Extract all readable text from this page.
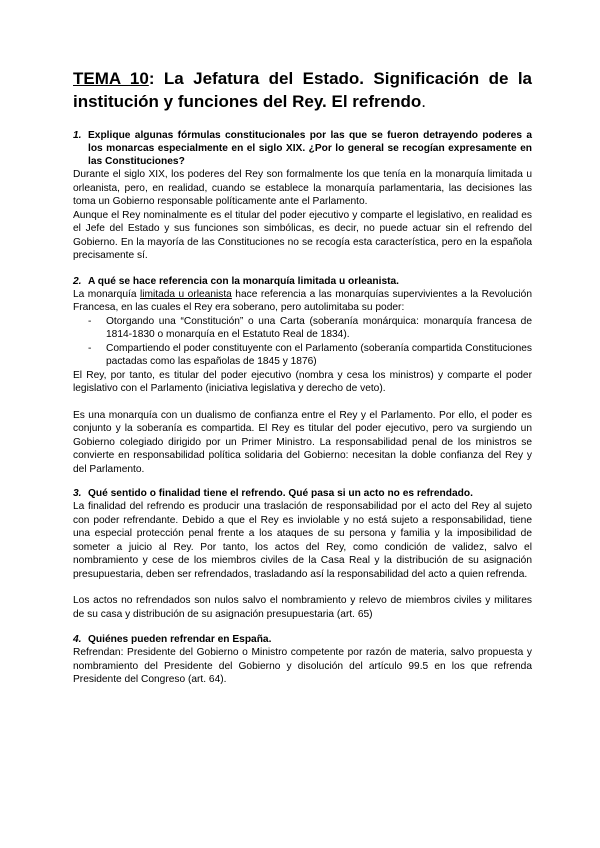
TEMA 10: La Jefatura del Estado. Significación de la institución y funciones del Rey. El refrendo.
1. Explique algunas fórmulas constitucionales por las que se fueron detrayendo poderes a los monarcas especialmente en el siglo XIX. ¿Por lo general se recogían expresamente en las Constituciones?

Durante el siglo XIX, los poderes del Rey son formalmente los que tenía en la monarquía limitada u orleanista, pero, en realidad, cuando se establece la monarquía parlamentaria, las decisiones las toma un Gobierno responsable políticamente ante el Parlamento.

Aunque el Rey nominalmente es el titular del poder ejecutivo y comparte el legislativo, en realidad es el Jefe del Estado y sus funciones son simbólicas, es decir, no puede actuar sin el refrendo del Gobierno. En la mayoría de las Constituciones no se recogía esta característica, pero en la española precisamente sí.

2. A qué se hace referencia con la monarquía limitada u orleanista.

La monarquía limitada u orleanista hace referencia a las monarquías supervivientes a la Revolución Francesa, en las cuales el Rey era soberano, pero autolimitaba su poder:

- Otorgando una “Constitución” o una Carta (soberanía monárquica: monarquía francesa de 1814-1830 o monarquía en el Estatuto Real de 1834).
- Compartiendo el poder constituyente con el Parlamento (soberanía compartida Constituciones pactadas como las españolas de 1845 y 1876)

El Rey, por tanto, es titular del poder ejecutivo (nombra y cesa los ministros) y comparte el poder legislativo con el Parlamento (iniciativa legislativa y derecho de veto).

Es una monarquía con un dualismo de confianza entre el Rey y el Parlamento. Por ello, el poder es conjunto y la soberanía es compartida. El Rey es titular del poder ejecutivo, pero va surgiendo un Gobierno colegiado dirigido por un Primer Ministro. La responsabilidad penal de los ministros se convierte en responsabilidad política solidaria del Gobierno: necesitan la doble confianza del Rey y del Parlamento.

3. Qué sentido o finalidad tiene el refrendo. Qué pasa si un acto no es refrendado.

La finalidad del refrendo es producir una traslación de responsabilidad por el acto del Rey al sujeto con poder refrendante. Debido a que el Rey es inviolable y no está sujeto a responsabilidad, tiene una especial protección penal frente a los ataques de su persona y familia y la imposibilidad de someter a juicio al Rey. Por tanto, los actos del Rey, como condición de validez, salvo el nombramiento y cese de los miembros civiles de la Casa Real y la distribución de su asignación presupuestaria, deben ser refrendados, trasladando así la responsabilidad del acto a quien refrenda.

Los actos no refrendados son nulos salvo el nombramiento y relevo de miembros civiles y militares de su casa y distribución de su asignación presupuestaria (art. 65)

4. Quiénes pueden refrendar en España.

Refrendan: Presidente del Gobierno o Ministro competente por razón de materia, salvo propuesta y nombramiento del Presidente del Gobierno y disolución del artículo 99.5 en los que refrenda Presidente del Congreso (art. 64).
